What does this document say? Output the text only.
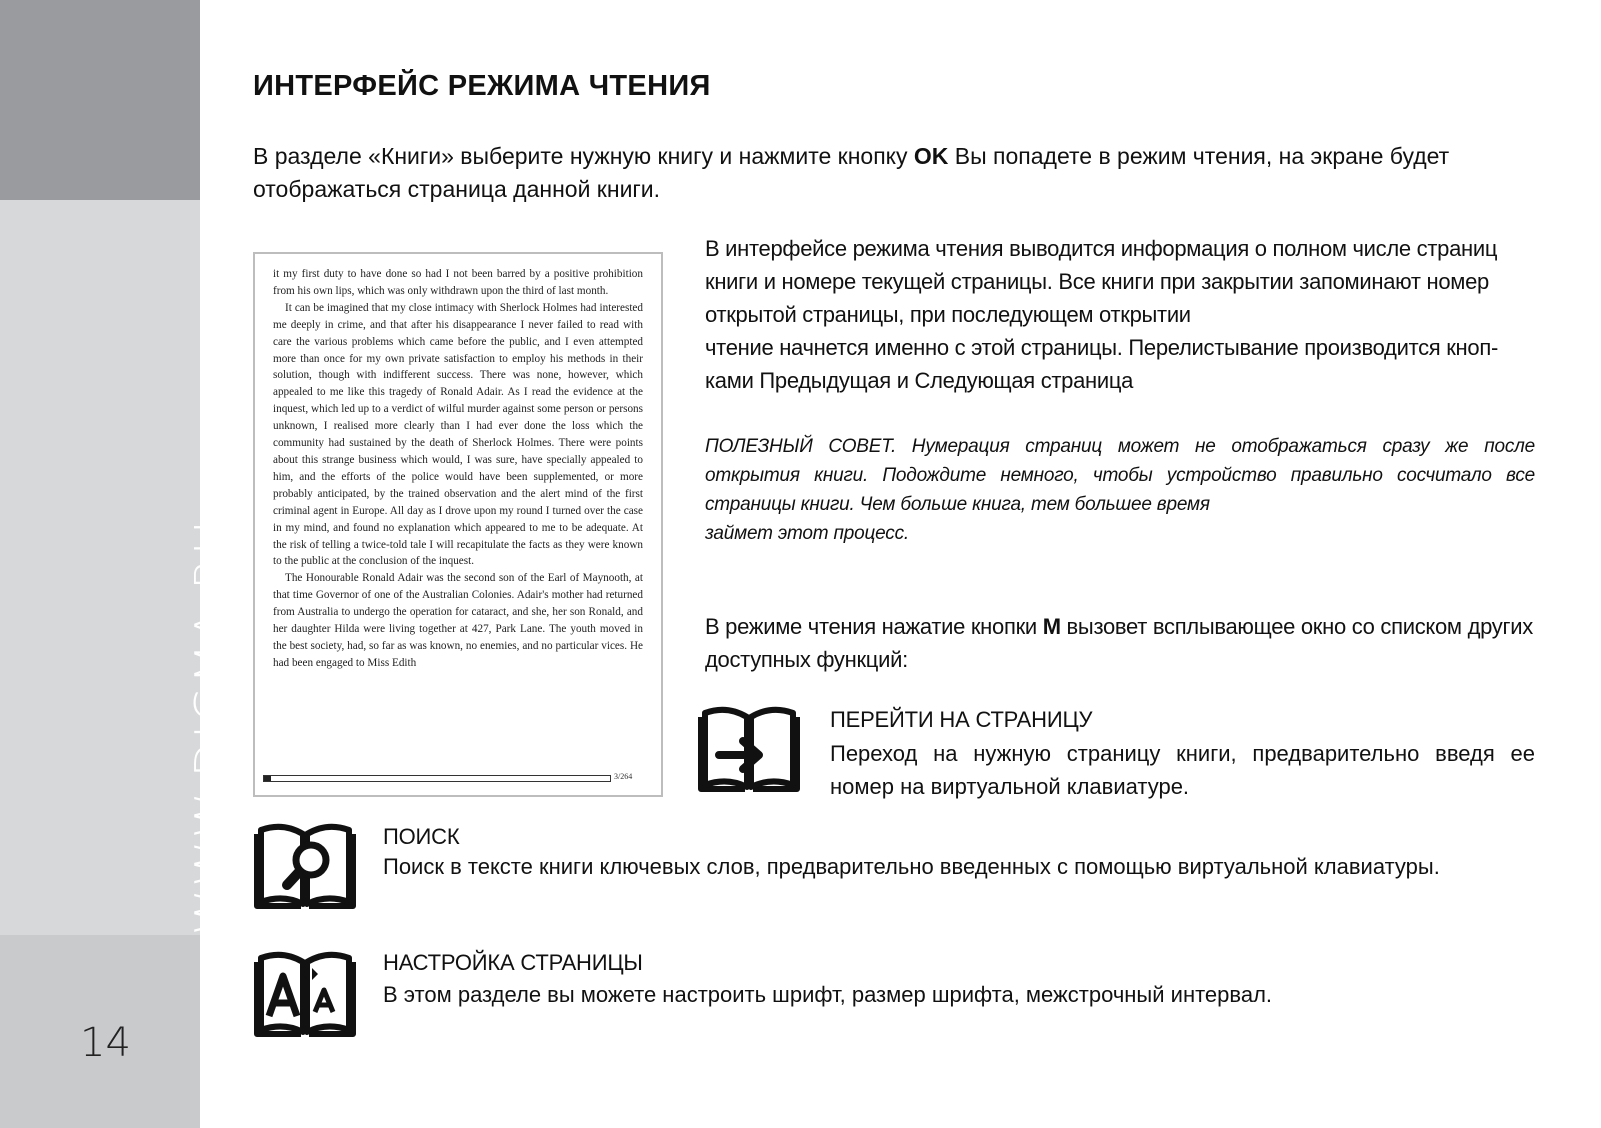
WWW.DIGMA.RU
14
ИНТЕРФЕЙС РЕЖИМА ЧТЕНИЯ

В разделе «Книги» выберите нужную книгу и нажмите кнопку OK Вы попадете в режим чтения, на экране будет отображаться страница данной книги.

it my first duty to have done so had I not been barred by a positive prohibition from his own lips, which was only withdrawn upon the third of last month.

It can be imagined that my close intimacy with Sherlock Holmes had interested me deeply in crime, and that after his disappearance I never failed to read with care the various problems which came before the public, and I even attempted more than once for my own private satisfaction to employ his methods in their solution, though with indifferent success. There was none, however, which appealed to me like this tragedy of Ronald Adair. As I read the evidence at the inquest, which led up to a verdict of wilful murder against some person or persons unknown, I realised more clearly than I had ever done the loss which the community had sustained by the death of Sherlock Holmes. There were points about this strange business which would, I was sure, have specially appealed to him, and the efforts of the police would have been supplemented, or more probably anticipated, by the trained observation and the alert mind of the first criminal agent in Europe. All day as I drove upon my round I turned over the case in my mind, and found no explanation which appeared to me to be adequate. At the risk of telling a twice-told tale I will recapitulate the facts as they were known to the public at the conclusion of the inquest.

The Honourable Ronald Adair was the second son of the Earl of Maynooth, at that time Governor of one of the Australian Colonies. Adair's mother had returned from Australia to undergo the operation for cataract, and she, her son Ronald, and her daughter Hilda were living together at 427, Park Lane. The youth moved in the best society, had, so far as was known, no enemies, and no particular vices. He had been engaged to Miss Edith

3/264

В интерфейсе режима чтения выводится информация о полном числе страниц книги и номере текущей страницы. Все книги при закрытии запоминают номер открытой страницы, при последующем открытии

чтение начнется именно с этой страницы. Перелистывание производится кноп-ками Предыдущая и Следующая страница

ПОЛЕЗНЫЙ СОВЕТ. Нумерация страниц может не отображаться сразу же после открытия книги. Подождите немного, чтобы устройство правильно сосчитало все страницы книги. Чем больше книга, тем большее время
займет этот процесс.

В режиме чтения нажатие кнопки M вызовет всплывающее окно со списком других доступных функций:

ПЕРЕЙТИ НА СТРАНИЦУ
Переход на нужную страницу книги, предварительно введя ее номер на виртуальной клавиатуре.
ПОИСК
Поиск в тексте книги ключевых слов, предварительно введенных с помощью виртуальной клавиатуры.
НАСТРОЙКА СТРАНИЦЫ
В этом разделе вы можете настроить шрифт, размер шрифта, межстрочный интервал.
